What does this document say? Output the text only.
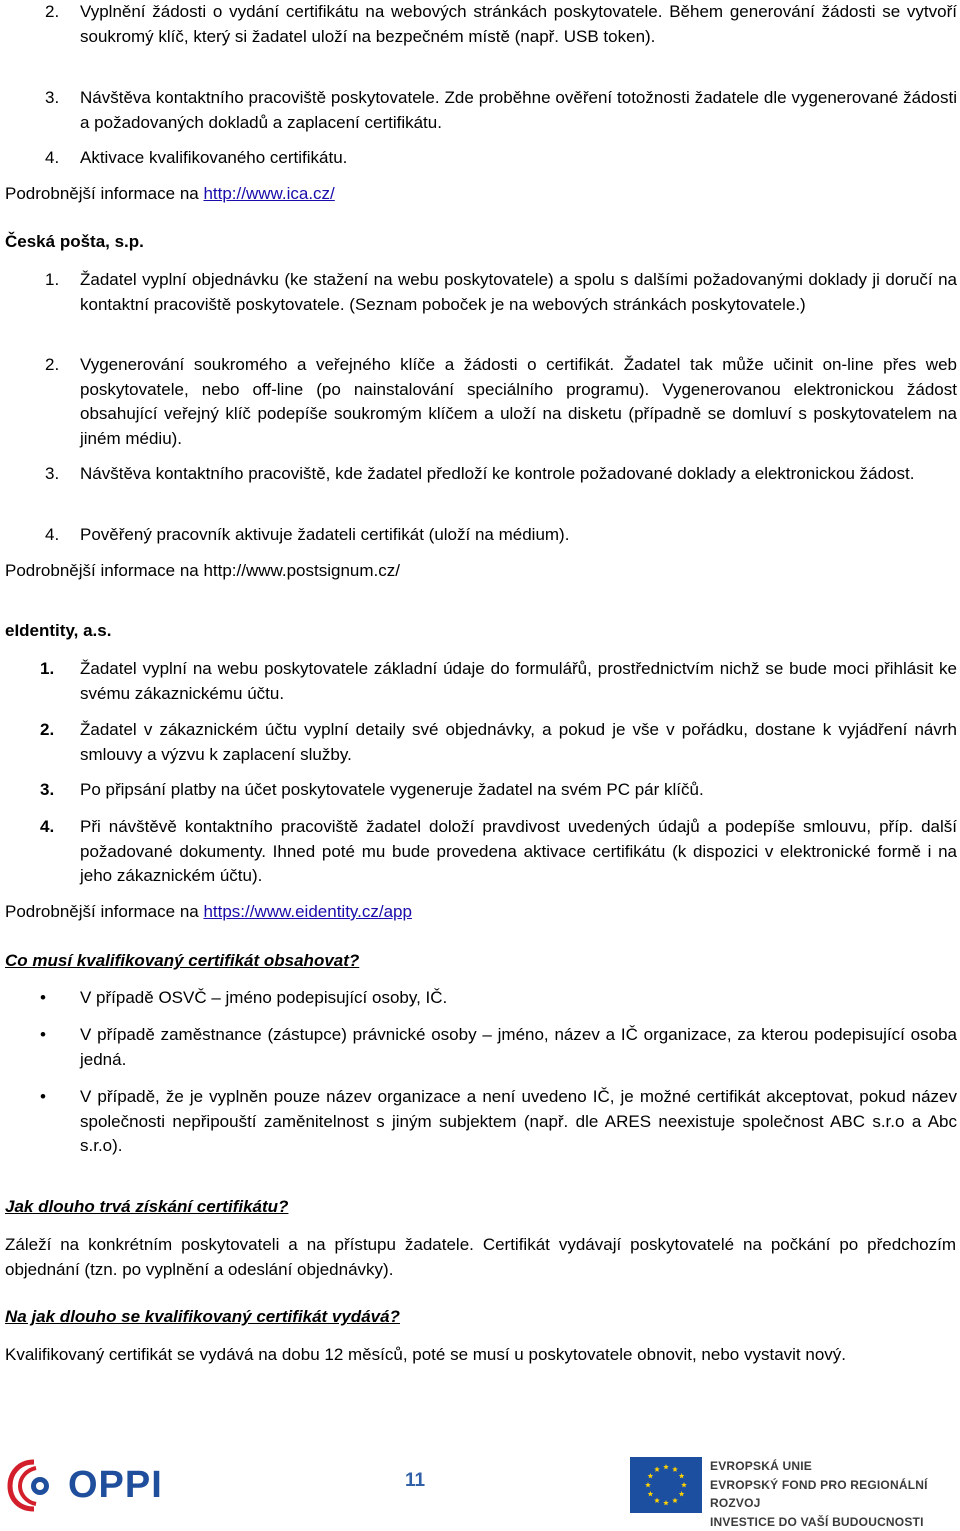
2.	Vyplnění žádosti o vydání certifikátu na webových stránkách poskytovatele. Během generování žádosti se vytvoří soukromý klíč, který si žadatel uloží na bezpečném místě (např. USB token).
3.	Návštěva kontaktního pracoviště poskytovatele. Zde proběhne ověření totožnosti žadatele dle vygenerované žádosti a požadovaných dokladů a zaplacení certifikátu.
4.	Aktivace kvalifikovaného certifikátu.
Podrobnější informace na http://www.ica.cz/
Česká pošta, s.p.
1.	Žadatel vyplní objednávku (ke stažení na webu poskytovatele) a spolu s dalšími požadovanými doklady ji doručí na kontaktní pracoviště poskytovatele. (Seznam poboček je na webových stránkách poskytovatele.)
2.	Vygenerování soukromého a veřejného klíče a žádosti o certifikát. Žadatel tak může učinit on-line přes web poskytovatele, nebo off-line (po nainstalování speciálního programu). Vygenerovanou elektronickou žádost obsahující veřejný klíč podepíše soukromým klíčem a uloží na disketu (případně se domluví s poskytovatelem na jiném médiu).
3.	Návštěva kontaktního pracoviště, kde žadatel předloží ke kontrole požadované doklady a elektronickou žádost.
4.	Pověřený pracovník aktivuje žadateli certifikát (uloží na médium).
Podrobnější informace na http://www.postsignum.cz/
eIdentity, a.s.
1.	Žadatel vyplní na webu poskytovatele základní údaje do formulářů, prostřednictvím nichž se bude moci přihlásit ke svému zákaznickému účtu.
2.	Žadatel v zákaznickém účtu vyplní detaily své objednávky, a pokud je vše v pořádku, dostane k vyjádření návrh smlouvy a výzvu k zaplacení služby.
3.	Po připsání platby na účet poskytovatele vygeneruje žadatel na svém PC pár klíčů.
4.	Při návštěvě kontaktního pracoviště žadatel doloží pravdivost uvedených údajů a podepíše smlouvu, příp. další požadované dokumenty. Ihned poté mu bude provedena aktivace certifikátu (k dispozici v elektronické formě i na jeho zákaznickém účtu).
Podrobnější informace na https://www.eidentity.cz/app
Co musí kvalifikovaný certifikát obsahovat?
•	V případě OSVČ – jméno podepisující osoby, IČ.
•	V případě zaměstnance (zástupce) právnické osoby – jméno, název a IČ organizace, za kterou podepisující osoba jedná.
•	V případě, že je vyplněn pouze název organizace a není uvedeno IČ, je možné certifikát akceptovat, pokud název společnosti nepřipouští zaměnitelnost s jiným subjektem (např. dle ARES neexistuje společnost ABC s.r.o a Abc s.r.o).
Jak dlouho trvá získání certifikátu?
Záleží na konkrétním poskytovateli a na přístupu žadatele. Certifikát vydávají poskytovatelé na počkání po předchozím objednání (tzn. po vyplnění a odeslání objednávky).
Na jak dlouho se kvalifikovaný certifikát vydává?
Kvalifikovaný certifikát se vydává na dobu 12 měsíců, poté se musí u poskytovatele obnovit, nebo vystavit nový.
OPPI	11
EVROPSKÁ UNIE
EVROPSKÝ FOND PRO REGIONÁLNÍ ROZVOJ
INVESTICE DO VAŠÍ BUDOUCNOSTI
